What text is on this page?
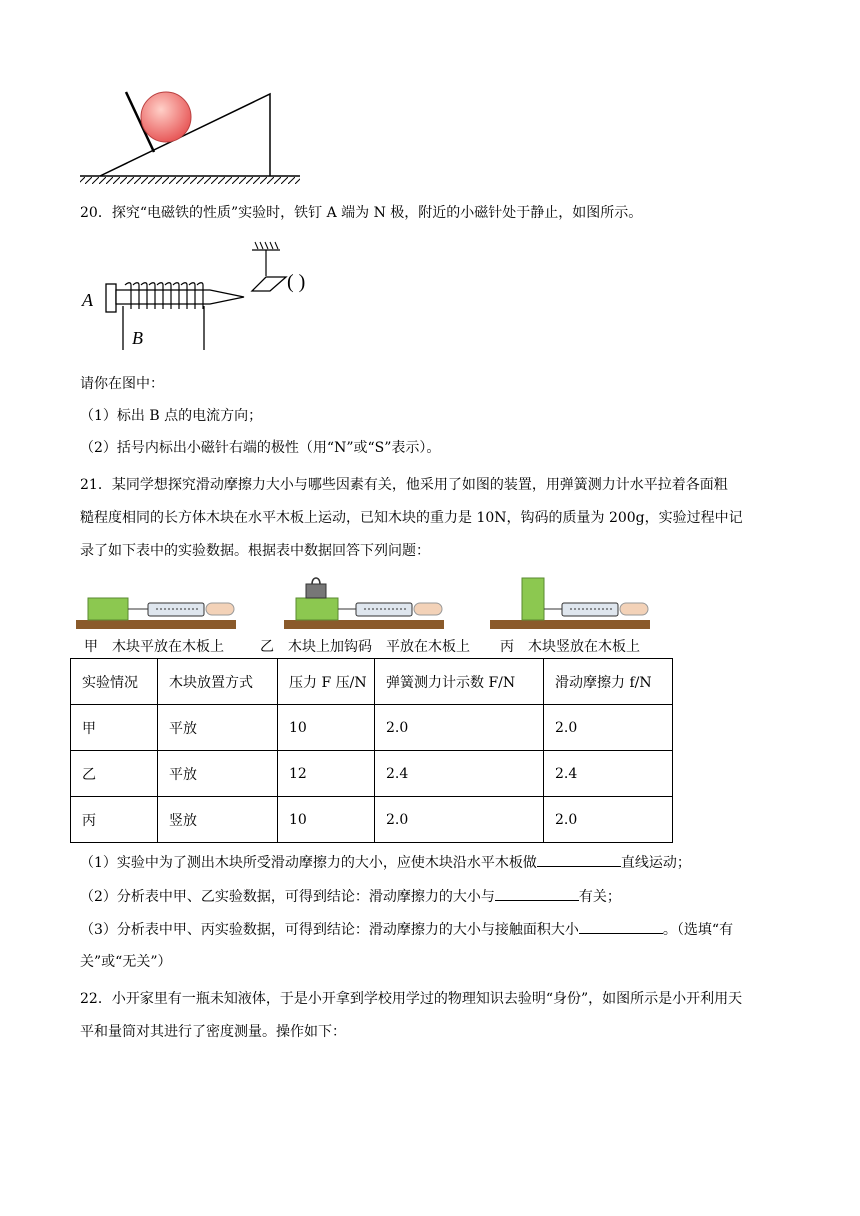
20．探究“电磁铁的性质”实验时，铁钉 A 端为 N 极，附近的小磁针处于静止，如图所示。
A
B
( )
请你在图中：
（1）标出 B 点的电流方向；
（2）括号内标出小磁针右端的极性（用“N”或“S”表示）。
21．某同学想探究滑动摩擦力大小与哪些因素有关，他采用了如图的装置，用弹簧测力计水平拉着各面粗
糙程度相同的长方体木块在水平木板上运动，已知木块的重力是 10N，钩码的质量为 200g，实验过程中记
录了如下表中的实验数据。根据表中数据回答下列问题：
甲　木块平放在木板上	乙　木块上加钩码　平放在木板上 丙　木块竖放在木板上
实验情况	木块放置方式	压力 F 压/N	弹簧测力计示数 F/N	滑动摩擦力 f/N
甲	平放	10	2.0	2.0
乙	平放	12	2.4	2.4
丙	竖放	10	2.0	2.0
（1）实验中为了测出木块所受滑动摩擦力的大小，应使木块沿水平木板做	直线运动；
（2）分析表中甲、乙实验数据，可得到结论：滑动摩擦力的大小与	有关；
（3）分析表中甲、丙实验数据，可得到结论：滑动摩擦力的大小与接触面积大小	。（选填“有
关”或“无关”）
22．小开家里有一瓶未知液体，于是小开拿到学校用学过的物理知识去验明“身份”，如图所示是小开利用天
平和量筒对其进行了密度测量。操作如下：
